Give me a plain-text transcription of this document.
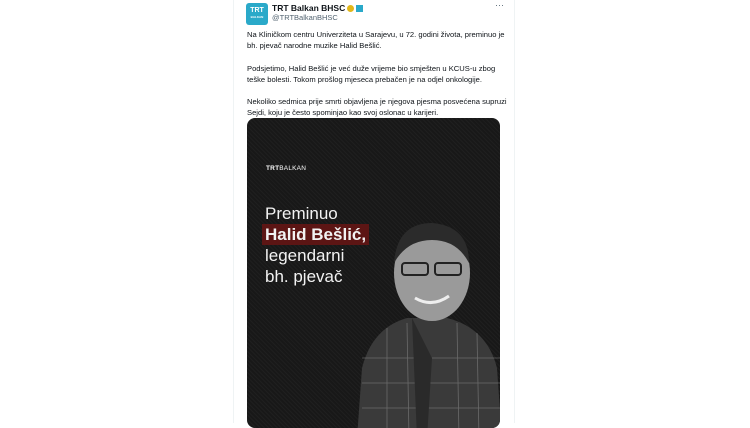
TRT
BALKAN
TRT Balkan BHSC
@TRTBalkanBHSC
···

Na Kliničkom centru Univerziteta u Sarajevu, u 72. godini života, preminuo je bh. pjevač narodne muzike Halid Bešlić.

Podsjetimo, Halid Bešlić je već duže vrijeme bio smješten u KCUS-u zbog teške bolesti. Tokom prošlog mjeseca prebačen je na odjel onkologije.

Nekoliko sedmica prije smrti objavljena je njegova pjesma posvećena supruzi Sejdi, koju je često spominjao kao svoj oslonac u karijeri.

TRTBALKAN
Preminuo
Halid Bešlić,
legendarni
bh. pjevač
